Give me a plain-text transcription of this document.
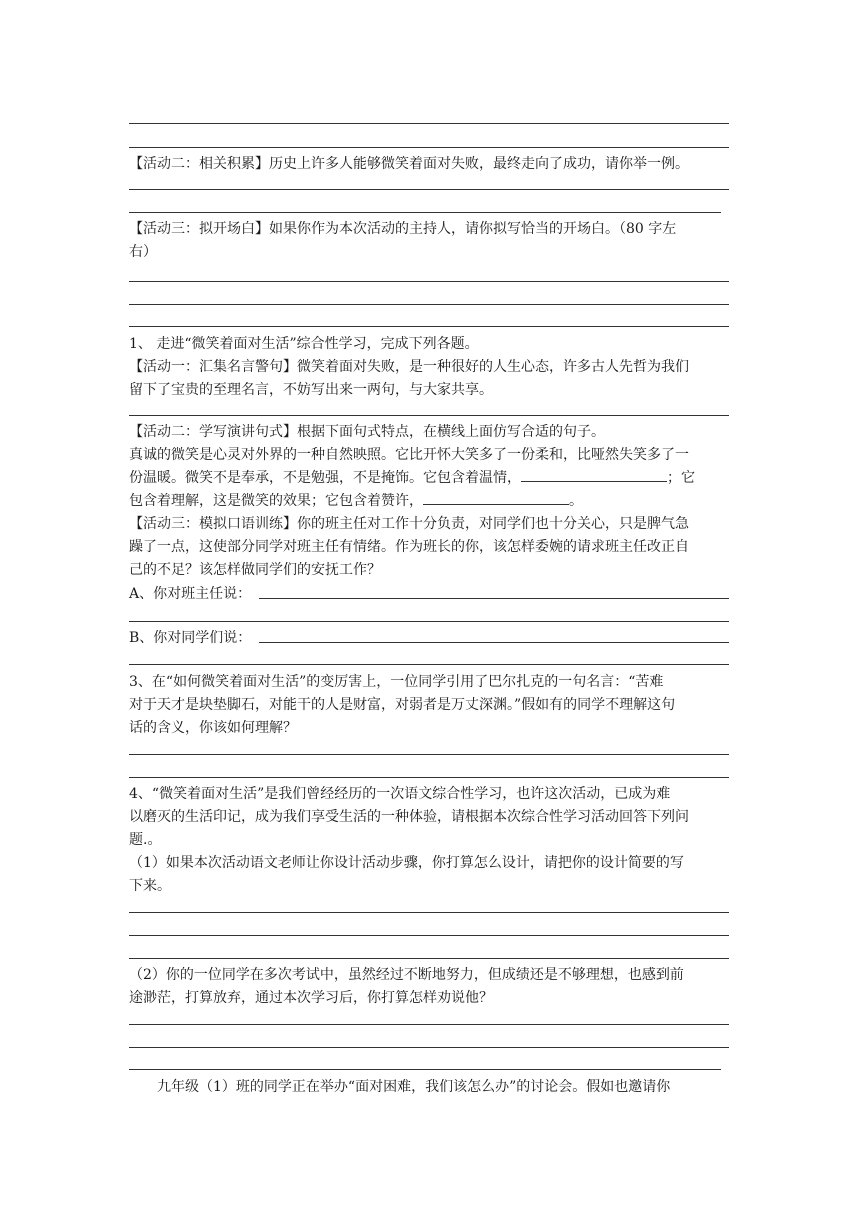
【活动二：相关积累】历史上许多人能够微笑着面对失败，最终走向了成功，请你举一例。
【活动三：拟开场白】如果你作为本次活动的主持人，请你拟写恰当的开场白。（80 字左
右）
1、 走进“微笑着面对生活”综合性学习，完成下列各题。
【活动一：汇集名言警句】微笑着面对失败，是一种很好的人生心态，许多古人先哲为我们
留下了宝贵的至理名言，不妨写出来一两句，与大家共享。
【活动二：学写演讲句式】根据下面句式特点，在横线上面仿写合适的句子。
真诚的微笑是心灵对外界的一种自然映照。它比开怀大笑多了一份柔和，比哑然失笑多了一
份温暖。微笑不是奉承，不是勉强，不是掩饰。它包含着温情，	；它
包含着理解，这是微笑的效果；它包含着赞许，	。
【活动三：模拟口语训练】你的班主任对工作十分负责，对同学们也十分关心，只是脾气急
躁了一点，这使部分同学对班主任有情绪。作为班长的你，该怎样委婉的请求班主任改正自
己的不足？该怎样做同学们的安抚工作？
A、你对班主任说：
B、你对同学们说：
3、在“如何微笑着面对生活”的变厉害上，一位同学引用了巴尔扎克的一句名言：“苦难
对于天才是块垫脚石，对能干的人是财富，对弱者是万丈深渊。”假如有的同学不理解这句
话的含义，你该如何理解？
4、“微笑着面对生活”是我们曾经经历的一次语文综合性学习，也许这次活动，已成为难
以磨灭的生活印记，成为我们享受生活的一种体验，请根据本次综合性学习活动回答下列问
题.。
（1）如果本次活动语文老师让你设计活动步骤，你打算怎么设计，请把你的设计简要的写
下来。
（2）你的一位同学在多次考试中，虽然经过不断地努力，但成绩还是不够理想，也感到前
途渺茫，打算放弃，通过本次学习后，你打算怎样劝说他？
九年级（1）班的同学正在举办“面对困难，我们该怎么办”的讨论会。假如也邀请你
